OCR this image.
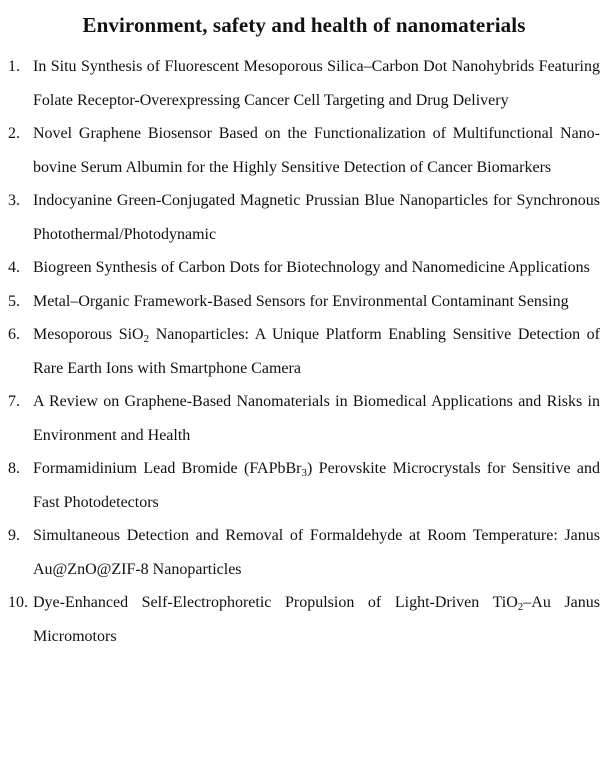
Environment, safety and health of nanomaterials
1. In Situ Synthesis of Fluorescent Mesoporous Silica–Carbon Dot Nanohybrids Featuring Folate Receptor-Overexpressing Cancer Cell Targeting and Drug Delivery
2. Novel Graphene Biosensor Based on the Functionalization of Multifunctional Nano-bovine Serum Albumin for the Highly Sensitive Detection of Cancer Biomarkers
3. Indocyanine Green-Conjugated Magnetic Prussian Blue Nanoparticles for Synchronous Photothermal/Photodynamic
4. Biogreen Synthesis of Carbon Dots for Biotechnology and Nanomedicine Applications
5. Metal–Organic Framework-Based Sensors for Environmental Contaminant Sensing
6. Mesoporous SiO$_2$ Nanoparticles: A Unique Platform Enabling Sensitive Detection of Rare Earth Ions with Smartphone Camera
7. A Review on Graphene-Based Nanomaterials in Biomedical Applications and Risks in Environment and Health
8. Formamidinium Lead Bromide (FAPbBr$_3$) Perovskite Microcrystals for Sensitive and Fast Photodetectors
9. Simultaneous Detection and Removal of Formaldehyde at Room Temperature: Janus Au@ZnO@ZIF-8 Nanoparticles
10. Dye-Enhanced Self-Electrophoretic Propulsion of Light-Driven TiO$_2$–Au Janus Micromotors
